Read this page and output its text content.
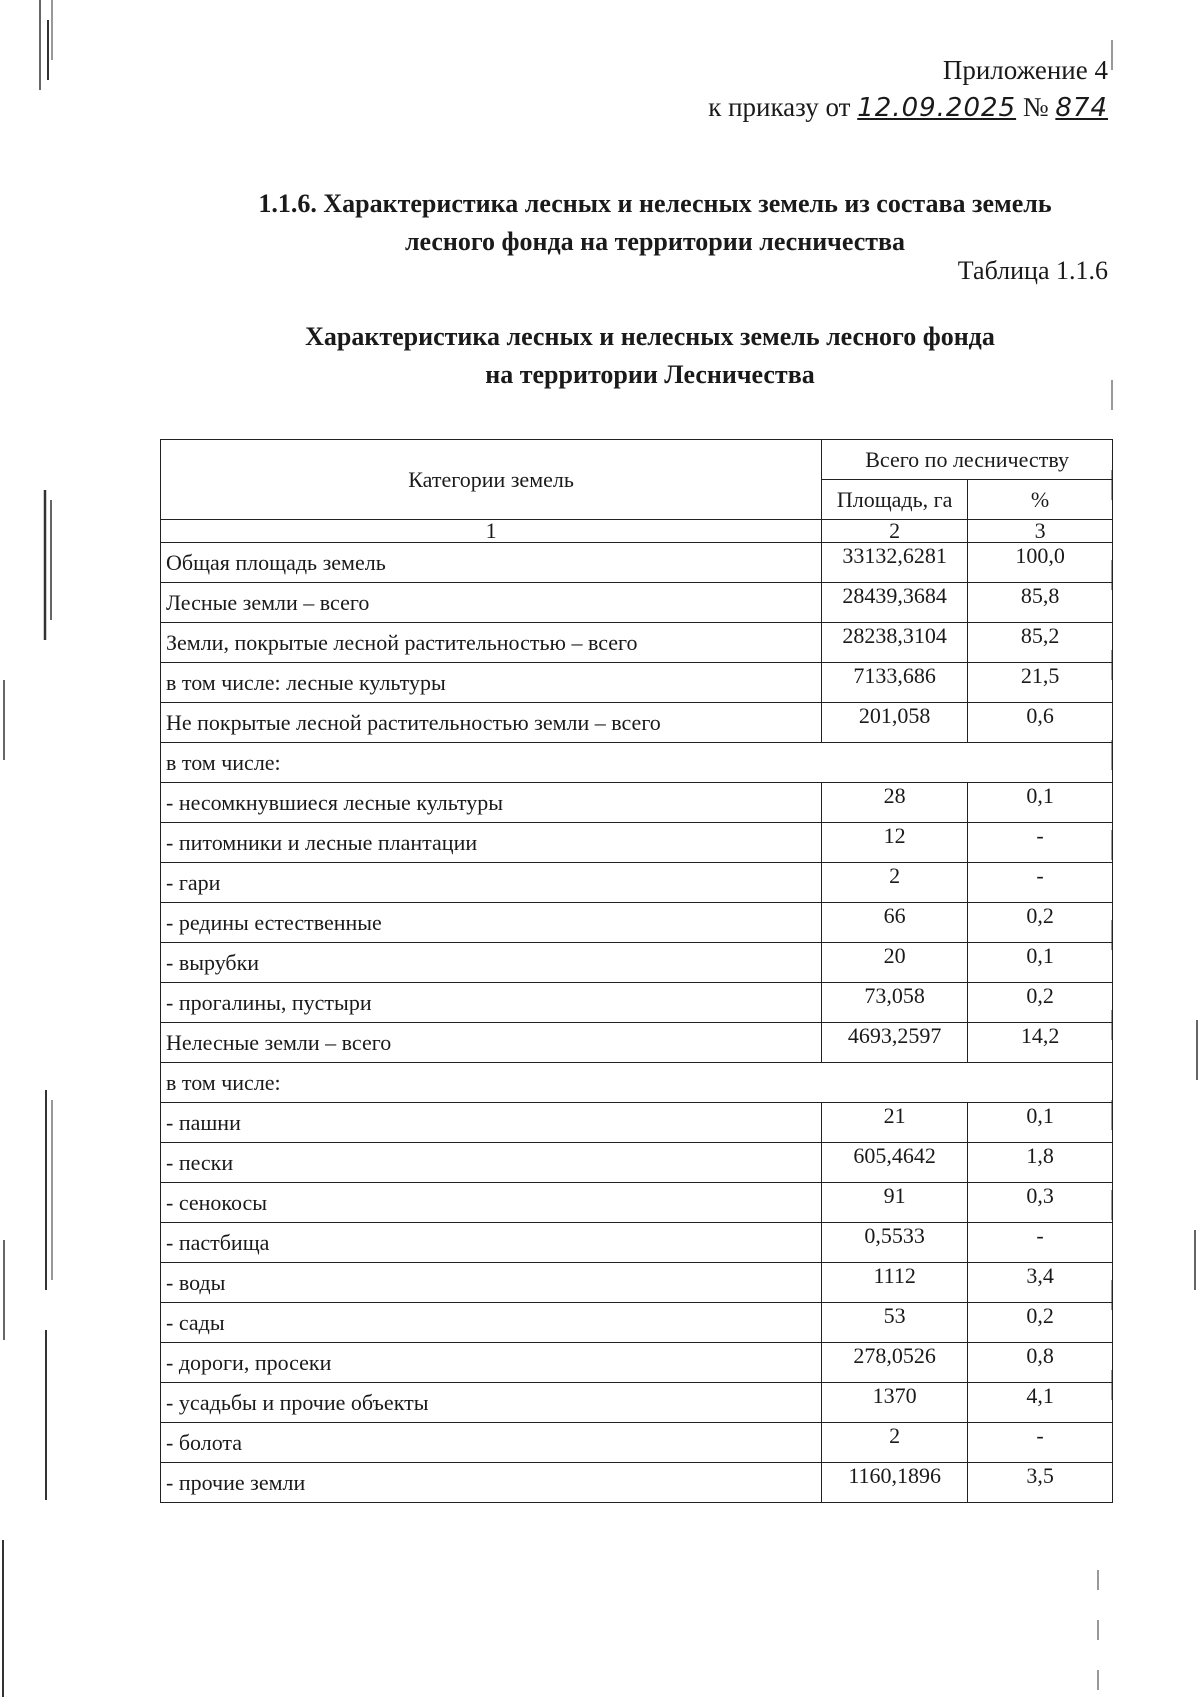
Приложение 4
к приказу от 12.09.2025 № 874
1.1.6. Характеристика лесных и нелесных земель из состава земель
лесного фонда на территории лесничества
Таблица 1.1.6
Характеристика лесных и нелесных земель лесного фонда
на территории Лесничества
Категории земель	Всего по лесничеству	
	Площадь, га	%
1	2	3
Общая площадь земель	33132,6281	100,0
Лесные земли – всего	28439,3684	85,8
Земли, покрытые лесной растительностью – всего	28238,3104	85,2
в том числе: лесные культуры	7133,686	21,5
Не покрытые лесной растительностью земли – всего	201,058	0,6
в том числе:		
- несомкнувшиеся лесные культуры	28	0,1
- питомники и лесные плантации	12	-
- гари	2	-
- редины естественные	66	0,2
- вырубки	20	0,1
- прогалины, пустыри	73,058	0,2
Нелесные земли – всего	4693,2597	14,2
в том числе:		
- пашни	21	0,1
- пески	605,4642	1,8
- сенокосы	91	0,3
- пастбища	0,5533	-
- воды	1112	3,4
- сады	53	0,2
- дороги, просеки	278,0526	0,8
- усадьбы и прочие объекты	1370	4,1
- болота	2	-
- прочие земли	1160,1896	3,5
